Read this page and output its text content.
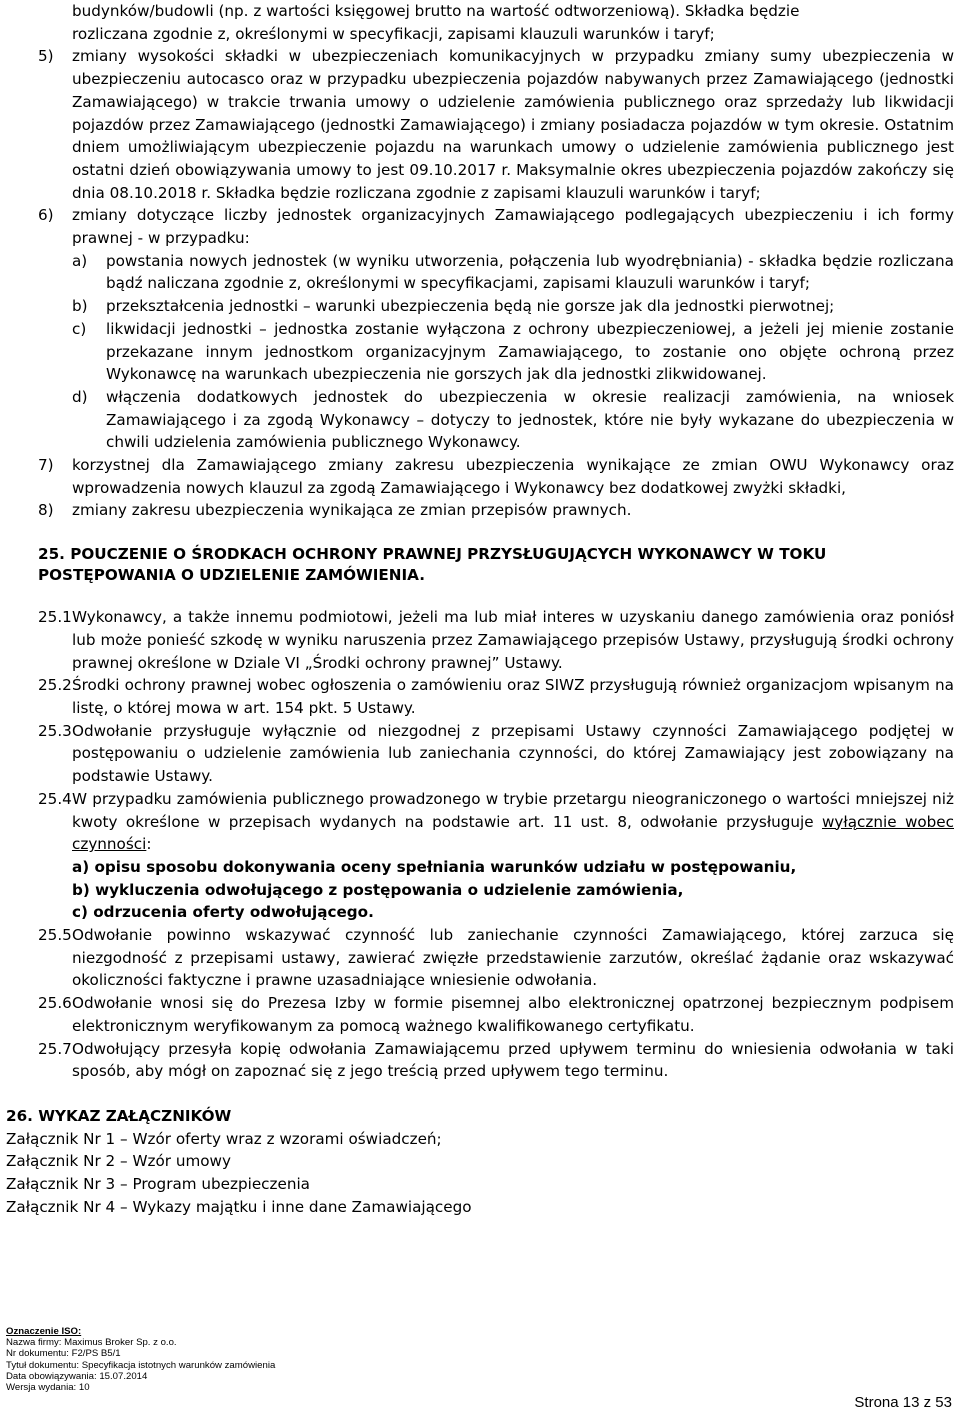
budynków/budowli (np. z wartości księgowej brutto na wartość odtworzeniową). Składka będzie
rozliczana zgodnie z, określonymi w specyfikacji, zapisami klauzuli warunków i taryf;
5) zmiany wysokości składki w ubezpieczeniach komunikacyjnych w przypadku zmiany sumy ubezpieczenia w ubezpieczeniu autocasco oraz w przypadku ubezpieczenia pojazdów nabywanych przez Zamawiającego (jednostki Zamawiającego) w trakcie trwania umowy o udzielenie zamówienia publicznego oraz sprzedaży lub likwidacji pojazdów przez Zamawiającego (jednostki Zamawiającego) i zmiany posiadacza pojazdów w tym okresie. Ostatnim dniem umożliwiającym ubezpieczenie pojazdu na warunkach umowy o udzielenie zamówienia publicznego jest ostatni dzień obowiązywania umowy to jest 09.10.2017 r. Maksymalnie okres ubezpieczenia pojazdów zakończy się dnia 08.10.2018 r. Składka będzie rozliczana zgodnie z zapisami klauzuli warunków i taryf;
6) zmiany dotyczące liczby jednostek organizacyjnych Zamawiającego podlegających ubezpieczeniu i ich formy prawnej - w przypadku:
a) powstania nowych jednostek (w wyniku utworzenia, połączenia lub wyodrębniania) - składka będzie rozliczana bądź naliczana zgodnie z, określonymi w specyfikacjami, zapisami klauzuli warunków i taryf;
b) przekształcenia jednostki – warunki ubezpieczenia będą nie gorsze jak dla jednostki pierwotnej;
c) likwidacji jednostki – jednostka zostanie wyłączona z ochrony ubezpieczeniowej, a jeżeli jej mienie zostanie przekazane innym jednostkom organizacyjnym Zamawiającego, to zostanie ono objęte ochroną przez Wykonawcę na warunkach ubezpieczenia nie gorszych jak dla jednostki zlikwidowanej.
d) włączenia dodatkowych jednostek do ubezpieczenia w okresie realizacji zamówienia, na wniosek Zamawiającego i za zgodą Wykonawcy – dotyczy to jednostek, które nie były wykazane do ubezpieczenia w chwili udzielenia zamówienia publicznego Wykonawcy.
7) korzystnej dla Zamawiającego zmiany zakresu ubezpieczenia wynikające ze zmian OWU Wykonawcy oraz wprowadzenia nowych klauzul za zgodą Zamawiającego i Wykonawcy bez dodatkowej zwyżki składki,
8) zmiany zakresu ubezpieczenia wynikająca ze zmian przepisów prawnych.
25. POUCZENIE O ŚRODKACH OCHRONY PRAWNEJ PRZYSŁUGUJĄCYCH WYKONAWCY W TOKU POSTĘPOWANIA O UDZIELENIE ZAMÓWIENIA.
25.1 Wykonawcy, a także innemu podmiotowi, jeżeli ma lub miał interes w uzyskaniu danego zamówienia oraz poniósł lub może ponieść szkodę w wyniku naruszenia przez Zamawiającego przepisów Ustawy, przysługują środki ochrony prawnej określone w Dziale VI „Środki ochrony prawnej” Ustawy.
25.2 Środki ochrony prawnej wobec ogłoszenia o zamówieniu oraz SIWZ przysługują również organizacjom wpisanym na listę, o której mowa w art. 154 pkt. 5 Ustawy.
25.3 Odwołanie przysługuje wyłącznie od niezgodnej z przepisami Ustawy czynności Zamawiającego podjętej w postępowaniu o udzielenie zamówienia lub zaniechania czynności, do której Zamawiający jest zobowiązany na podstawie Ustawy.
25.4 W przypadku zamówienia publicznego prowadzonego w trybie przetargu nieograniczonego o wartości mniejszej niż kwoty określone w przepisach wydanych na podstawie art. 11 ust. 8, odwołanie przysługuje wyłącznie wobec czynności:
a) opisu sposobu dokonywania oceny spełniania warunków udziału w postępowaniu,
b) wykluczenia odwołującego z postępowania o udzielenie zamówienia,
c) odrzucenia oferty odwołującego.
25.5 Odwołanie powinno wskazywać czynność lub zaniechanie czynności Zamawiającego, której zarzuca się niezgodność z przepisami ustawy, zawierać zwięzłe przedstawienie zarzutów, określać żądanie oraz wskazywać okoliczności faktyczne i prawne uzasadniające wniesienie odwołania.
25.6 Odwołanie wnosi się do Prezesa Izby w formie pisemnej albo elektronicznej opatrzonej bezpiecznym podpisem elektronicznym weryfikowanym za pomocą ważnego kwalifikowanego certyfikatu.
25.7 Odwołujący przesyła kopię odwołania Zamawiającemu przed upływem terminu do wniesienia odwołania w taki sposób, aby mógł on zapoznać się z jego treścią przed upływem tego terminu.
26. WYKAZ ZAŁĄCZNIKÓW
Załącznik Nr 1 – Wzór oferty wraz z wzorami oświadczeń;
Załącznik Nr 2 – Wzór umowy
Załącznik Nr 3 – Program ubezpieczenia
Załącznik Nr 4 – Wykazy majątku i inne dane Zamawiającego
Oznaczenie ISO:
Nazwa firmy: Maximus Broker Sp. z o.o.
Nr dokumentu: F2/PS B5/1
Tytuł dokumentu: Specyfikacja istotnych warunków zamówienia
Data obowiązywania: 15.07.2014
Wersja wydania: 10
Strona 13 z 53
